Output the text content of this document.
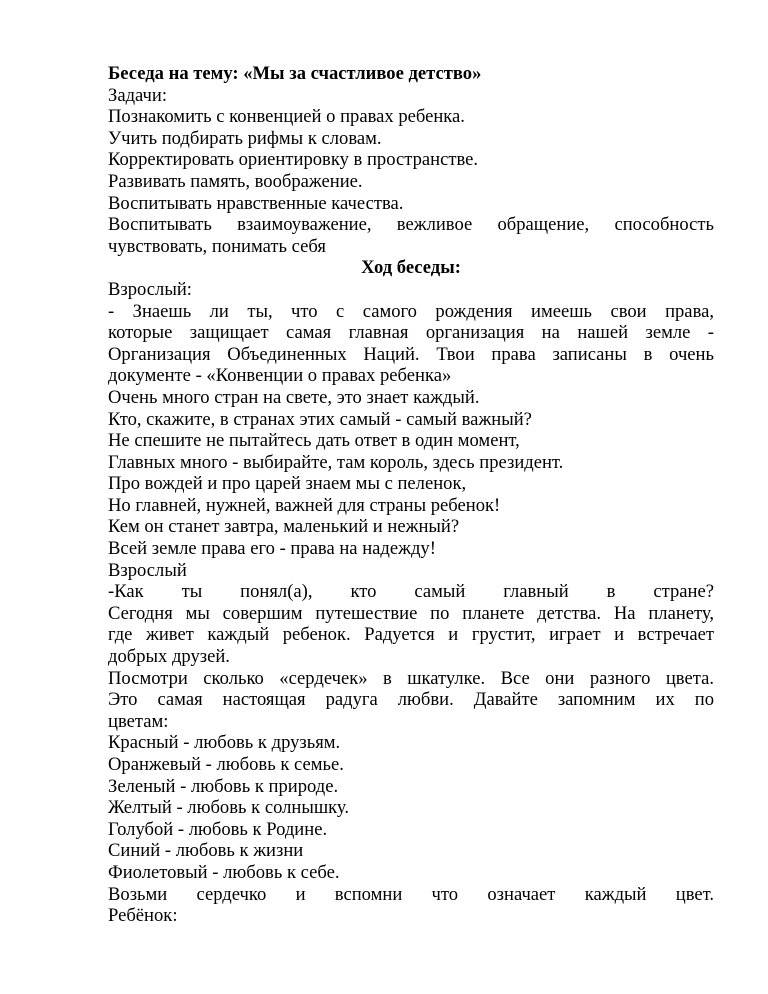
Беседа на тему: «Мы за счастливое детство»
Задачи:
Познакомить с конвенцией о правах ребенка.
Учить подбирать рифмы к словам.
Корректировать ориентировку в пространстве.
Развивать память, воображение.
Воспитывать нравственные качества.
Воспитывать взаимоуважение, вежливое обращение, способность
чувствовать, понимать себя
Ход беседы:
Взрослый:
- Знаешь ли ты, что с самого рождения имеешь свои права,
которые защищает самая главная организация на нашей земле -
Организация Объединенных Наций. Твои права записаны в очень
документе - «Конвенции о правах ребенка»
Очень много стран на свете, это знает каждый.
Кто, скажите, в странах этих самый - самый важный?
Не спешите не пытайтесь дать ответ в один момент,
Главных много - выбирайте, там король, здесь президент.
Про вождей и про царей знаем мы с пеленок,
Но главней, нужней, важней для страны ребенок!
Кем он станет завтра, маленький и нежный?
Всей земле права его - права на надежду!
Взрослый
-Как ты понял(а), кто самый главный в стране?
Сегодня мы совершим путешествие по планете детства. На планету,
где живет каждый ребенок. Радуется и грустит, играет и встречает
добрых друзей.
Посмотри сколько «сердечек» в шкатулке. Все они разного цвета.
Это самая настоящая радуга любви. Давайте запомним их по
цветам:
Красный - любовь к друзьям.
Оранжевый - любовь к семье.
Зеленый - любовь к природе.
Желтый - любовь к солнышку.
Голубой - любовь к Родине.
Синий - любовь к жизни
Фиолетовый - любовь к себе.
Возьми сердечко и вспомни что означает каждый цвет.
Ребёнок:
